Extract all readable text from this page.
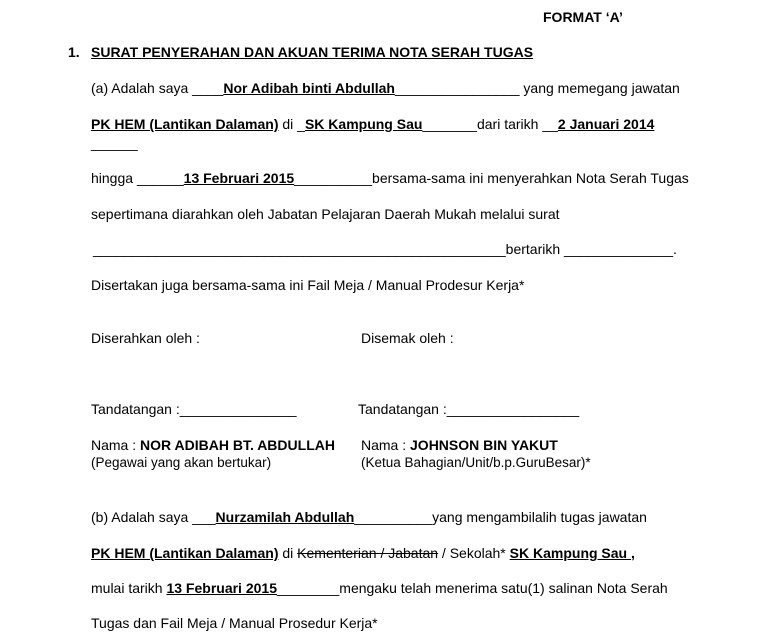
FORMAT ‘A’
1. SURAT PENYERAHAN DAN AKUAN TERIMA NOTA SERAH TUGAS
(a) Adalah saya ____Nor Adibah binti Abdullah________________ yang memegang jawatan
PK HEM (Lantikan Dalaman) di _SK Kampung Sau_______dari tarikh __2 Januari 2014
______
hingga ______13 Februari 2015__________bersama-sama ini menyerahkan Nota Serah Tugas
sepertimana diarahkan oleh Jabatan Pelajaran Daerah Mukah melalui surat
_____________________________________________________bertarikh ______________.
Disertakan juga bersama-sama ini Fail Meja / Manual Prodesur Kerja*
Diserahkan oleh :	Disemak oleh :
Tandatangan :_______________	Tandatangan :_________________
Nama : NOR ADIBAH BT. ABDULLAH Nama : JOHNSON BIN YAKUT
(Pegawai yang akan bertukar)	(Ketua Bahagian/Unit/b.p.GuruBesar)*
(b) Adalah saya ___Nurzamilah Abdullah__________yang mengambilalih tugas jawatan
PK HEM (Lantikan Dalaman) di Kementerian / Jabatan / Sekolah* SK Kampung Sau ,
mulai tarikh 13 Februari 2015________mengaku telah menerima satu(1) salinan Nota Serah
Tugas dan Fail Meja / Manual Prosedur Kerja*
